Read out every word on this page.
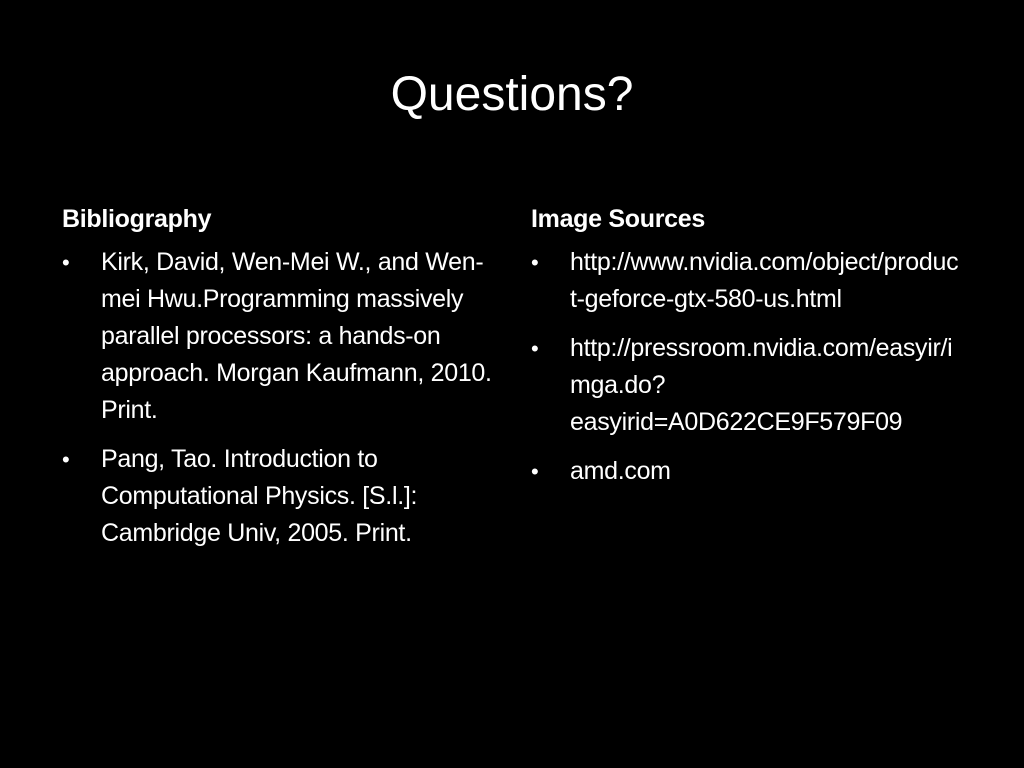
Questions?
Bibliography
• Kirk, David, Wen-Mei W., and Wen-mei Hwu.Programming massively parallel processors: a hands-on approach. Morgan Kaufmann, 2010. Print.
• Pang, Tao. Introduction to Computational Physics. [S.l.]: Cambridge Univ, 2005. Print.
Image Sources
• http://www.nvidia.com/object/product-geforce-gtx-580-us.html
• http://pressroom.nvidia.com/easyir/imga.do?easyirid=A0D622CE9F579F09
• amd.com
